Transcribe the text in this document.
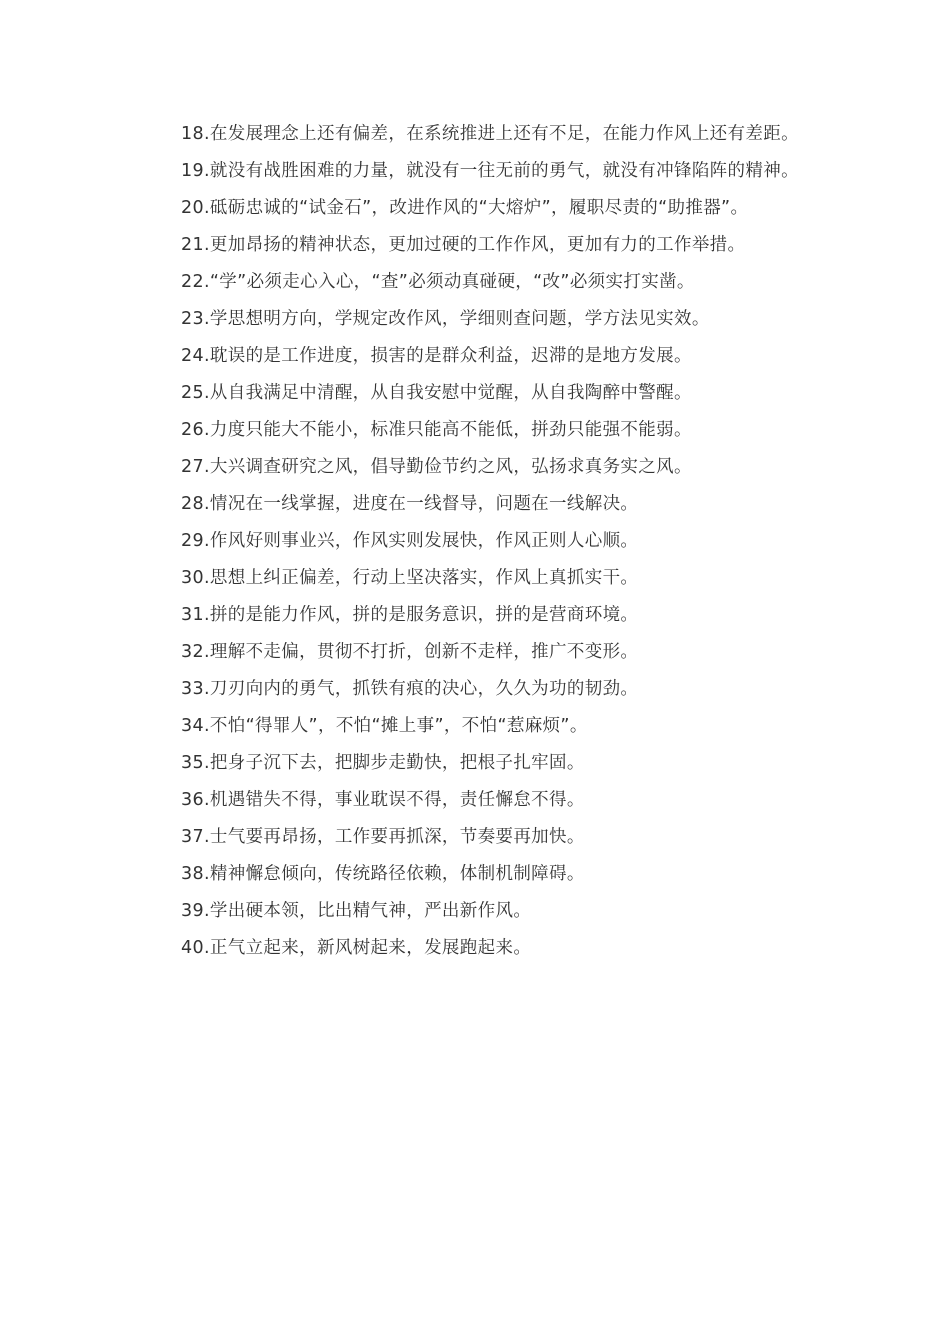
18.在发展理念上还有偏差，在系统推进上还有不足，在能力作风上还有差距。

19.就没有战胜困难的力量，就没有一往无前的勇气，就没有冲锋陷阵的精神。

20.砥砺忠诚的“试金石”，改进作风的“大熔炉”，履职尽责的“助推器”。

21.更加昂扬的精神状态，更加过硬的工作作风，更加有力的工作举措。

22.“学”必须走心入心，“查”必须动真碰硬，“改”必须实打实凿。

23.学思想明方向，学规定改作风，学细则查问题，学方法见实效。

24.耽误的是工作进度，损害的是群众利益，迟滞的是地方发展。

25.从自我满足中清醒，从自我安慰中觉醒，从自我陶醉中警醒。

26.力度只能大不能小，标准只能高不能低，拼劲只能强不能弱。

27.大兴调查研究之风，倡导勤俭节约之风，弘扬求真务实之风。

28.情况在一线掌握，进度在一线督导，问题在一线解决。

29.作风好则事业兴，作风实则发展快，作风正则人心顺。

30.思想上纠正偏差，行动上坚决落实，作风上真抓实干。

31.拼的是能力作风，拼的是服务意识，拼的是营商环境。

32.理解不走偏，贯彻不打折，创新不走样，推广不变形。

33.刀刃向内的勇气，抓铁有痕的决心，久久为功的韧劲。

34.不怕“得罪人”，不怕“摊上事”，不怕“惹麻烦”。

35.把身子沉下去，把脚步走勤快，把根子扎牢固。

36.机遇错失不得，事业耽误不得，责任懈怠不得。

37.士气要再昂扬，工作要再抓深，节奏要再加快。

38.精神懈怠倾向，传统路径依赖，体制机制障碍。

39.学出硬本领，比出精气神，严出新作风。

40.正气立起来，新风树起来，发展跑起来。
